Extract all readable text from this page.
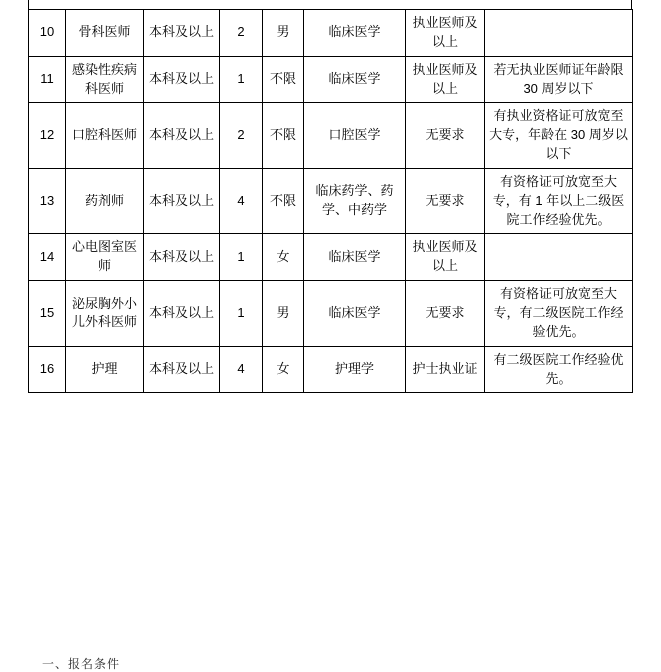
10	骨科医师	本科及以上	2	男	临床医学	执业医师及以上	
11	感染性疾病科医师	本科及以上	1	不限	临床医学	执业医师及以上	若无执业医师证年龄限 30 周岁以下
12	口腔科医师	本科及以上	2	不限	口腔医学	无要求	有执业资格证可放宽至大专，年龄在 30 周岁以以下
13	药剂师	本科及以上	4	不限	临床药学、药学、中药学	无要求	有资格证可放宽至大专，有 1 年以上二级医院工作经验优先。
14	心电图室医师	本科及以上	1	女	临床医学	执业医师及以上	
15	泌尿胸外小儿外科医师	本科及以上	1	男	临床医学	无要求	有资格证可放宽至大专，有二级医院工作经验优先。
16	护理	本科及以上	4	女	护理学	护士执业证	有二级医院工作经验优先。
一、报名条件
